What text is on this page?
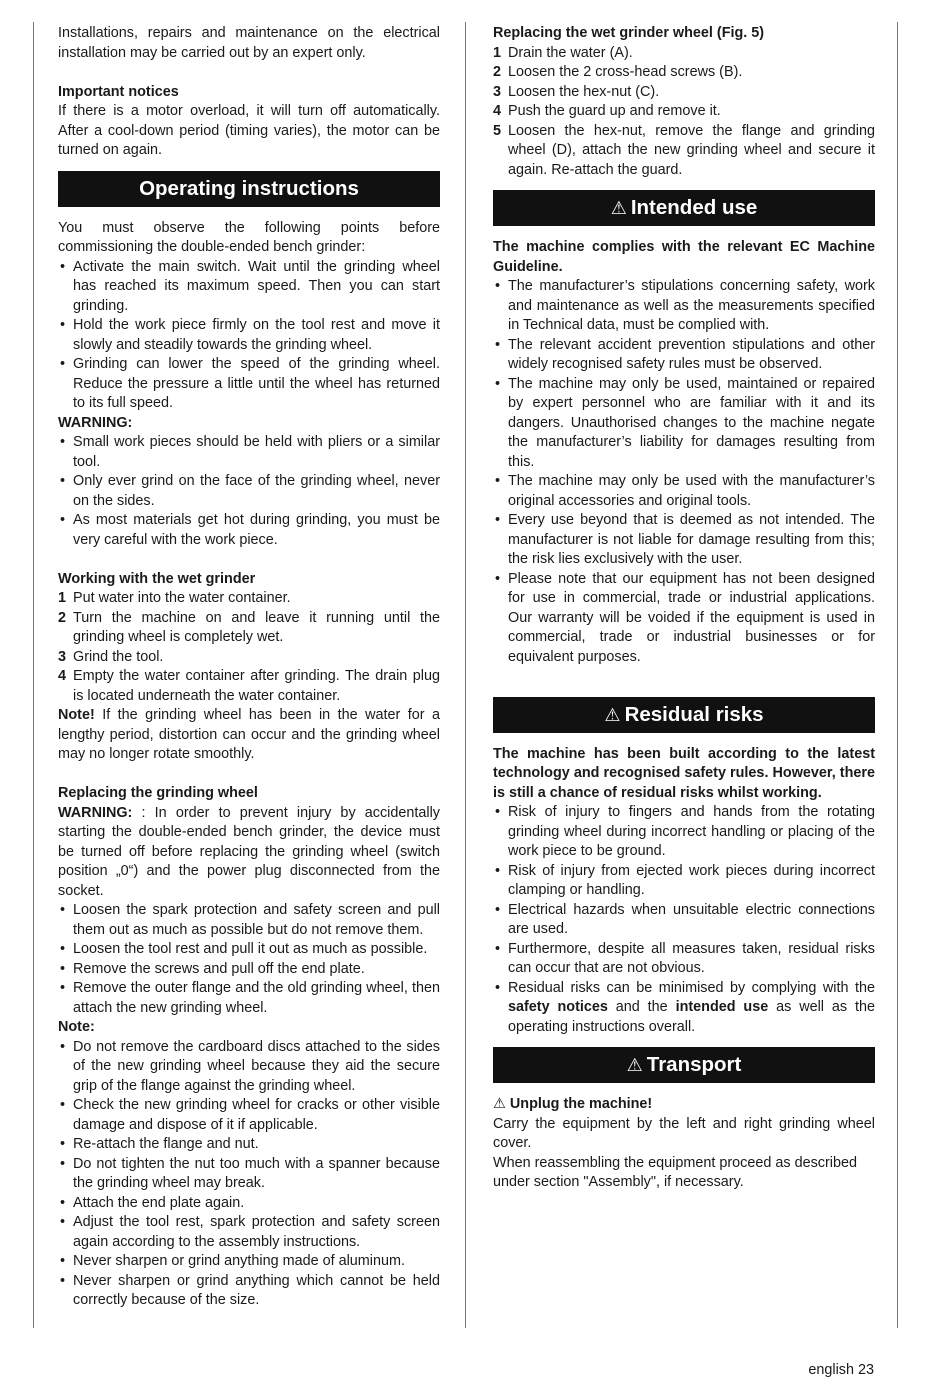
Installations, repairs and maintenance on the electrical installation may be carried out by an expert only.

Important notices

If there is a motor overload, it will turn off automatically. After a cool-down period (timing varies), the motor can be turned on again.

Operating instructions

You must observe the following points before commissioning the double-ended bench grinder:

• Activate the main switch. Wait until the grinding wheel has reached its maximum speed. Then you can start grinding.
• Hold the work piece firmly on the tool rest and move it slowly and steadily towards the grinding wheel.
• Grinding can lower the speed of the grinding wheel. Reduce the pressure a little until the wheel has returned to its full speed.
WARNING:
• Small work pieces should be held with pliers or a similar tool.
• Only ever grind on the face of the grinding wheel, never on the sides.
• As most materials get hot during grinding, you must be very careful with the work piece.
Working with the wet grinder
1 Put water into the water container.
2 Turn the machine on and leave it running until the grinding wheel is completely wet.
3 Grind the tool.
4 Empty the water container after grinding. The drain plug is located underneath the water container.

Note! If the grinding wheel has been in the water for a lengthy period, distortion can occur and the grinding wheel may no longer rotate smoothly.

Replacing the grinding wheel

WARNING: : In order to prevent injury by accidentally starting the double-ended bench grinder, the device must be turned off before replacing the grinding wheel (switch position „0“) and the power plug disconnected from the socket.

• Loosen the spark protection and safety screen and pull them out as much as possible but do not remove them.
• Loosen the tool rest and pull it out as much as possible.
• Remove the screws and pull off the end plate.
• Remove the outer flange and the old grinding wheel, then attach the new grinding wheel.
Note:
• Do not remove the cardboard discs attached to the sides of the new grinding wheel because they aid the secure grip of the flange against the grinding wheel.
• Check the new grinding wheel for cracks or other visible damage and dispose of it if applicable.
• Re-attach the flange and nut.
• Do not tighten the nut too much with a spanner because the grinding wheel may break.
• Attach the end plate again.
• Adjust the tool rest, spark protection and safety screen again according to the assembly instructions.
• Never sharpen or grind anything made of aluminum.
• Never sharpen or grind anything which cannot be held correctly because of the size.
Replacing the wet grinder wheel (Fig. 5)
1 Drain the water (A).
2 Loosen the 2 cross-head screws (B).
3 Loosen the hex-nut (C).
4 Push the guard up and remove it.
5 Loosen the hex-nut, remove the flange and grinding wheel (D), attach the new grinding wheel and secure it again. Re-attach the guard.
⚠ Intended use

The machine complies with the relevant EC Machine Guideline.

• The manufacturer’s stipulations concerning safety, work and maintenance as well as the measurements specified in Technical data, must be complied with.
• The relevant accident prevention stipulations and other widely recognised safety rules must be observed.
• The machine may only be used, maintained or repaired by expert personnel who are familiar with it and its dangers. Unauthorised changes to the machine negate the manufacturer’s liability for damages resulting from this.
• The machine may only be used with the manufacturer’s original accessories and original tools.
• Every use beyond that is deemed as not intended. The manufacturer is not liable for damage resulting from this; the risk lies exclusively with the user.
• Please note that our equipment has not been designed for use in commercial, trade or industrial applications. Our warranty will be voided if the equipment is used in commercial, trade or industrial businesses or for equivalent purposes.
⚠ Residual risks

The machine has been built according to the latest technology and recognised safety rules. However, there is still a chance of residual risks whilst working.

• Risk of injury to fingers and hands from the rotating grinding wheel during incorrect handling or placing of the work piece to be ground.
• Risk of injury from ejected work pieces during incorrect clamping or handling.
• Electrical hazards when unsuitable electric connections are used.
• Furthermore, despite all measures taken, residual risks can occur that are not obvious.
• Residual risks can be minimised by complying with the safety notices and the intended use as well as the operating instructions overall.
⚠ Transport
⚠ Unplug the machine!

Carry the equipment by the left and right grinding wheel cover.

When reassembling the equipment proceed as described under section "Assembly", if necessary.

english 23
